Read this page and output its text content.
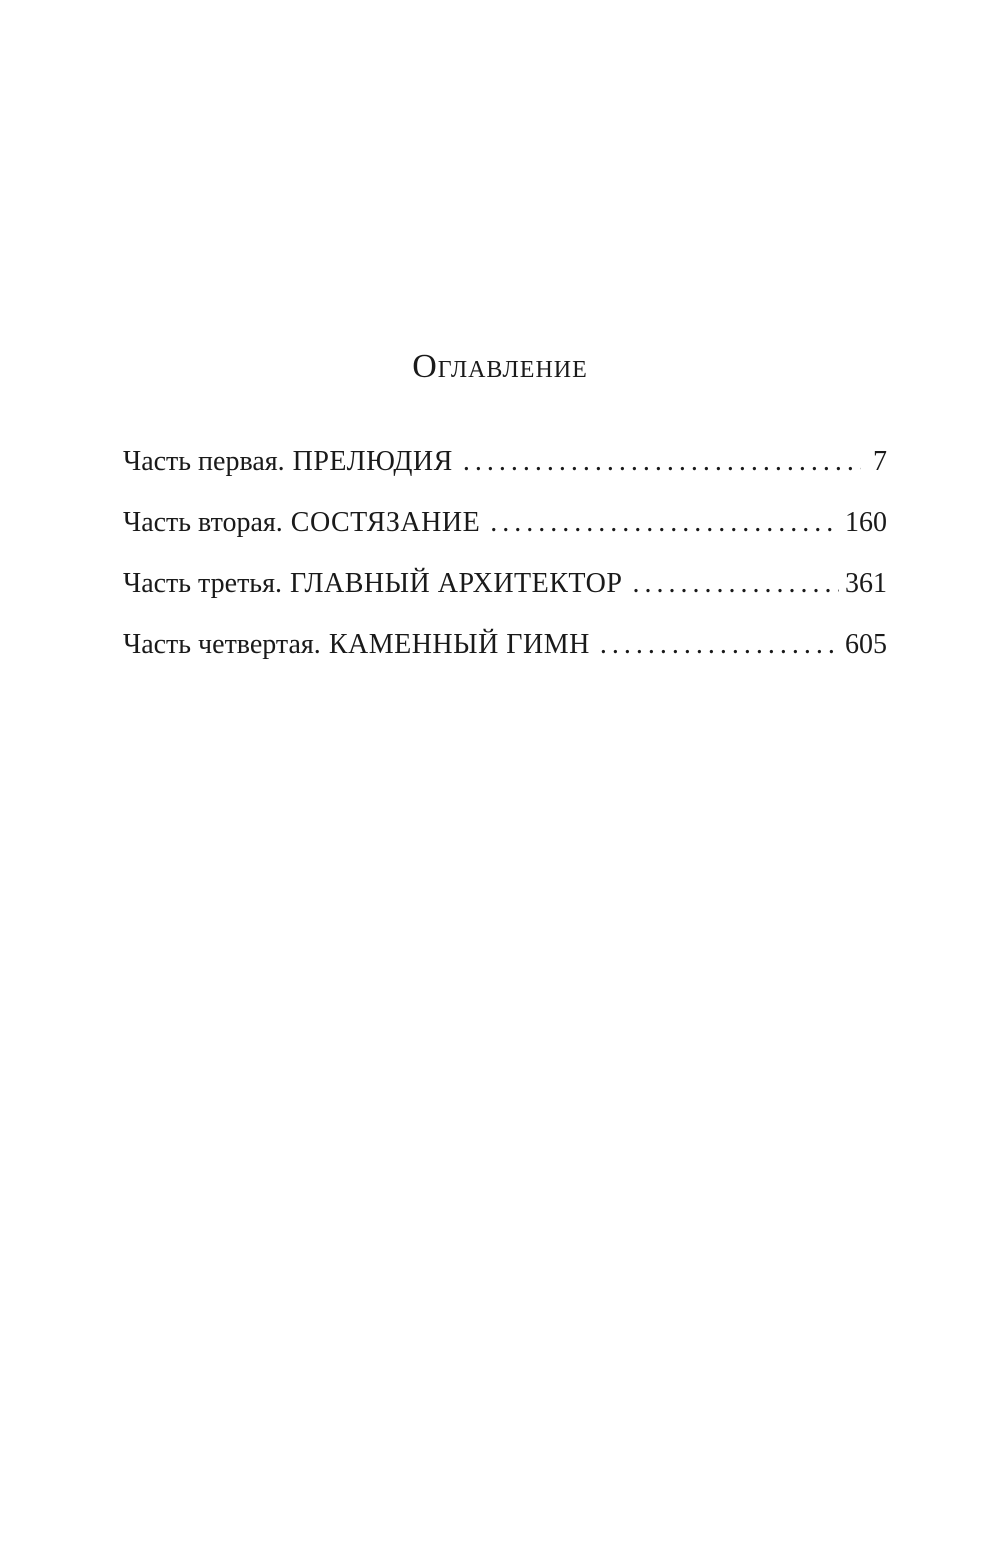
Оглавление
Часть первая. ПРЕЛЮДИЯ . . .	7
Часть вторая. СОСТЯЗАНИЕ . . .	160
Часть третья. ГЛАВНЫЙ АРХИТЕКТОР . . .	361
Часть четвертая. КАМЕННЫЙ ГИМН . . .	605
